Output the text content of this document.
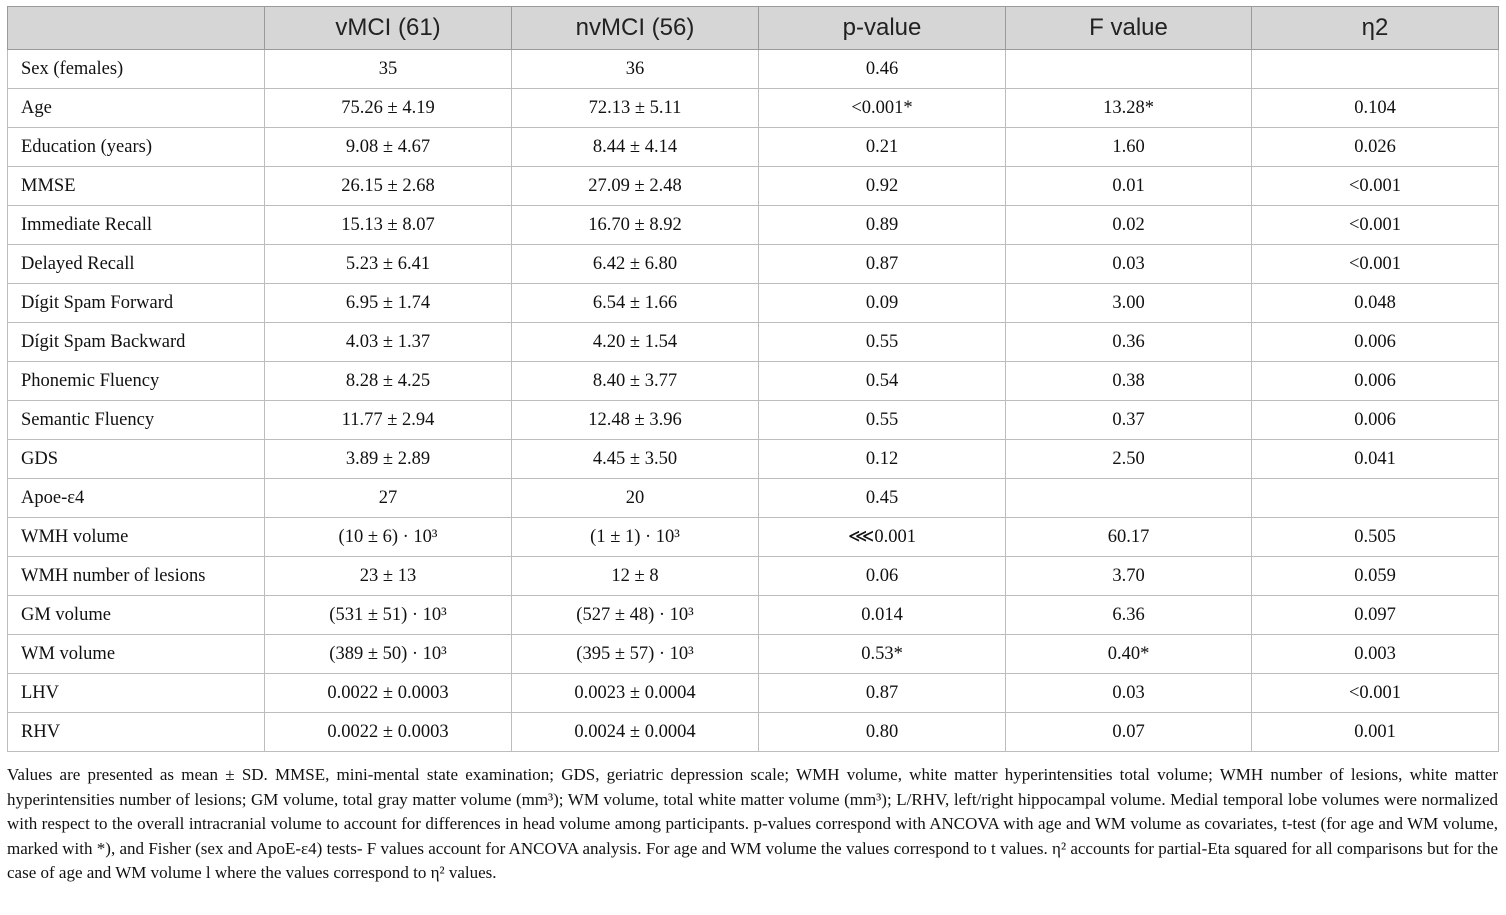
	vMCI (61)	nvMCI (56)	p-value	F value	η2
Sex (females)	35	36	0.46		
Age	75.26 ± 4.19	72.13 ± 5.11	<0.001*	13.28*	0.104
Education (years)	9.08 ± 4.67	8.44 ± 4.14	0.21	1.60	0.026
MMSE	26.15 ± 2.68	27.09 ± 2.48	0.92	0.01	<0.001
Immediate Recall	15.13 ± 8.07	16.70 ± 8.92	0.89	0.02	<0.001
Delayed Recall	5.23 ± 6.41	6.42 ± 6.80	0.87	0.03	<0.001
Dígit Spam Forward	6.95 ± 1.74	6.54 ± 1.66	0.09	3.00	0.048
Dígit Spam Backward	4.03 ± 1.37	4.20 ± 1.54	0.55	0.36	0.006
Phonemic Fluency	8.28 ± 4.25	8.40 ± 3.77	0.54	0.38	0.006
Semantic Fluency	11.77 ± 2.94	12.48 ± 3.96	0.55	0.37	0.006
GDS	3.89 ± 2.89	4.45 ± 3.50	0.12	2.50	0.041
Apoe-ε4	27	20	0.45		
WMH volume	(10 ± 6) · 10³	(1 ± 1) · 10³	⋘0.001	60.17	0.505
WMH number of lesions	23 ± 13	12 ± 8	0.06	3.70	0.059
GM volume	(531 ± 51) · 10³	(527 ± 48) · 10³	0.014	6.36	0.097
WM volume	(389 ± 50) · 10³	(395 ± 57) · 10³	0.53*	0.40*	0.003
LHV	0.0022 ± 0.0003	0.0023 ± 0.0004	0.87	0.03	<0.001
RHV	0.0022 ± 0.0003	0.0024 ± 0.0004	0.80	0.07	0.001
Values are presented as mean ± SD. MMSE, mini-mental state examination; GDS, geriatric depression scale; WMH volume, white matter hyperintensities total volume; WMH number of lesions, white matter hyperintensities number of lesions; GM volume, total gray matter volume (mm³); WM volume, total white matter volume (mm³); L/RHV, left/right hippocampal volume. Medial temporal lobe volumes were normalized with respect to the overall intracranial volume to account for differences in head volume among participants. p-values correspond with ANCOVA with age and WM volume as covariates, t-test (for age and WM volume, marked with *), and Fisher (sex and ApoE-ε4) tests- F values account for ANCOVA analysis. For age and WM volume the values correspond to t values. η² accounts for partial-Eta squared for all comparisons but for the case of age and WM volume l where the values correspond to η² values.
